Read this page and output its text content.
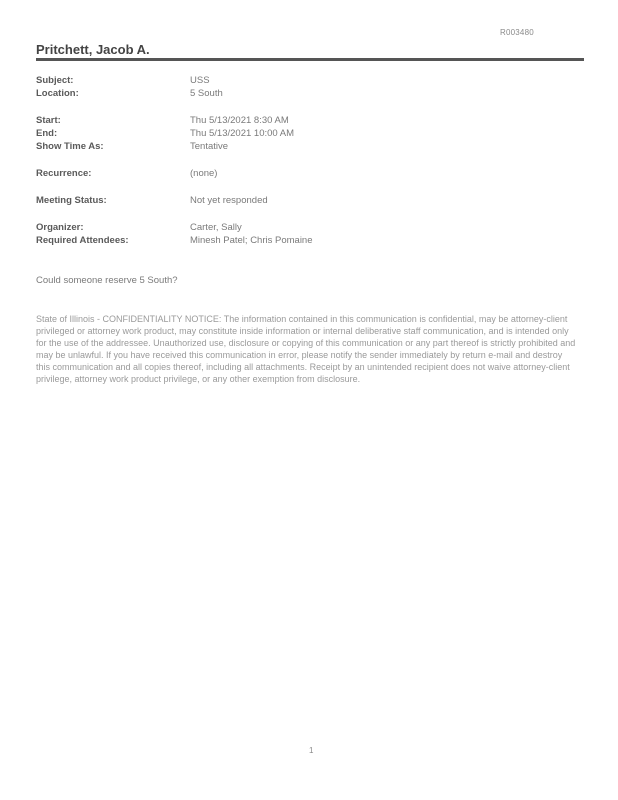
R003480
Pritchett, Jacob A.
Subject:	USS
Location:	5 South
Start:	Thu 5/13/2021 8:30 AM
End:	Thu 5/13/2021 10:00 AM
Show Time As:	Tentative
Recurrence:	(none)
Meeting Status:	Not yet responded
Organizer:	Carter, Sally
Required Attendees:	Minesh Patel; Chris Pomaine
Could someone reserve 5 South?
State of Illinois - CONFIDENTIALITY NOTICE: The information contained in this communication is confidential, may be attorney-client privileged or attorney work product, may constitute inside information or internal deliberative staff communication, and is intended only for the use of the addressee. Unauthorized use, disclosure or copying of this communication or any part thereof is strictly prohibited and may be unlawful. If you have received this communication in error, please notify the sender immediately by return e-mail and destroy this communication and all copies thereof, including all attachments. Receipt by an unintended recipient does not waive attorney-client privilege, attorney work product privilege, or any other exemption from disclosure.
1
